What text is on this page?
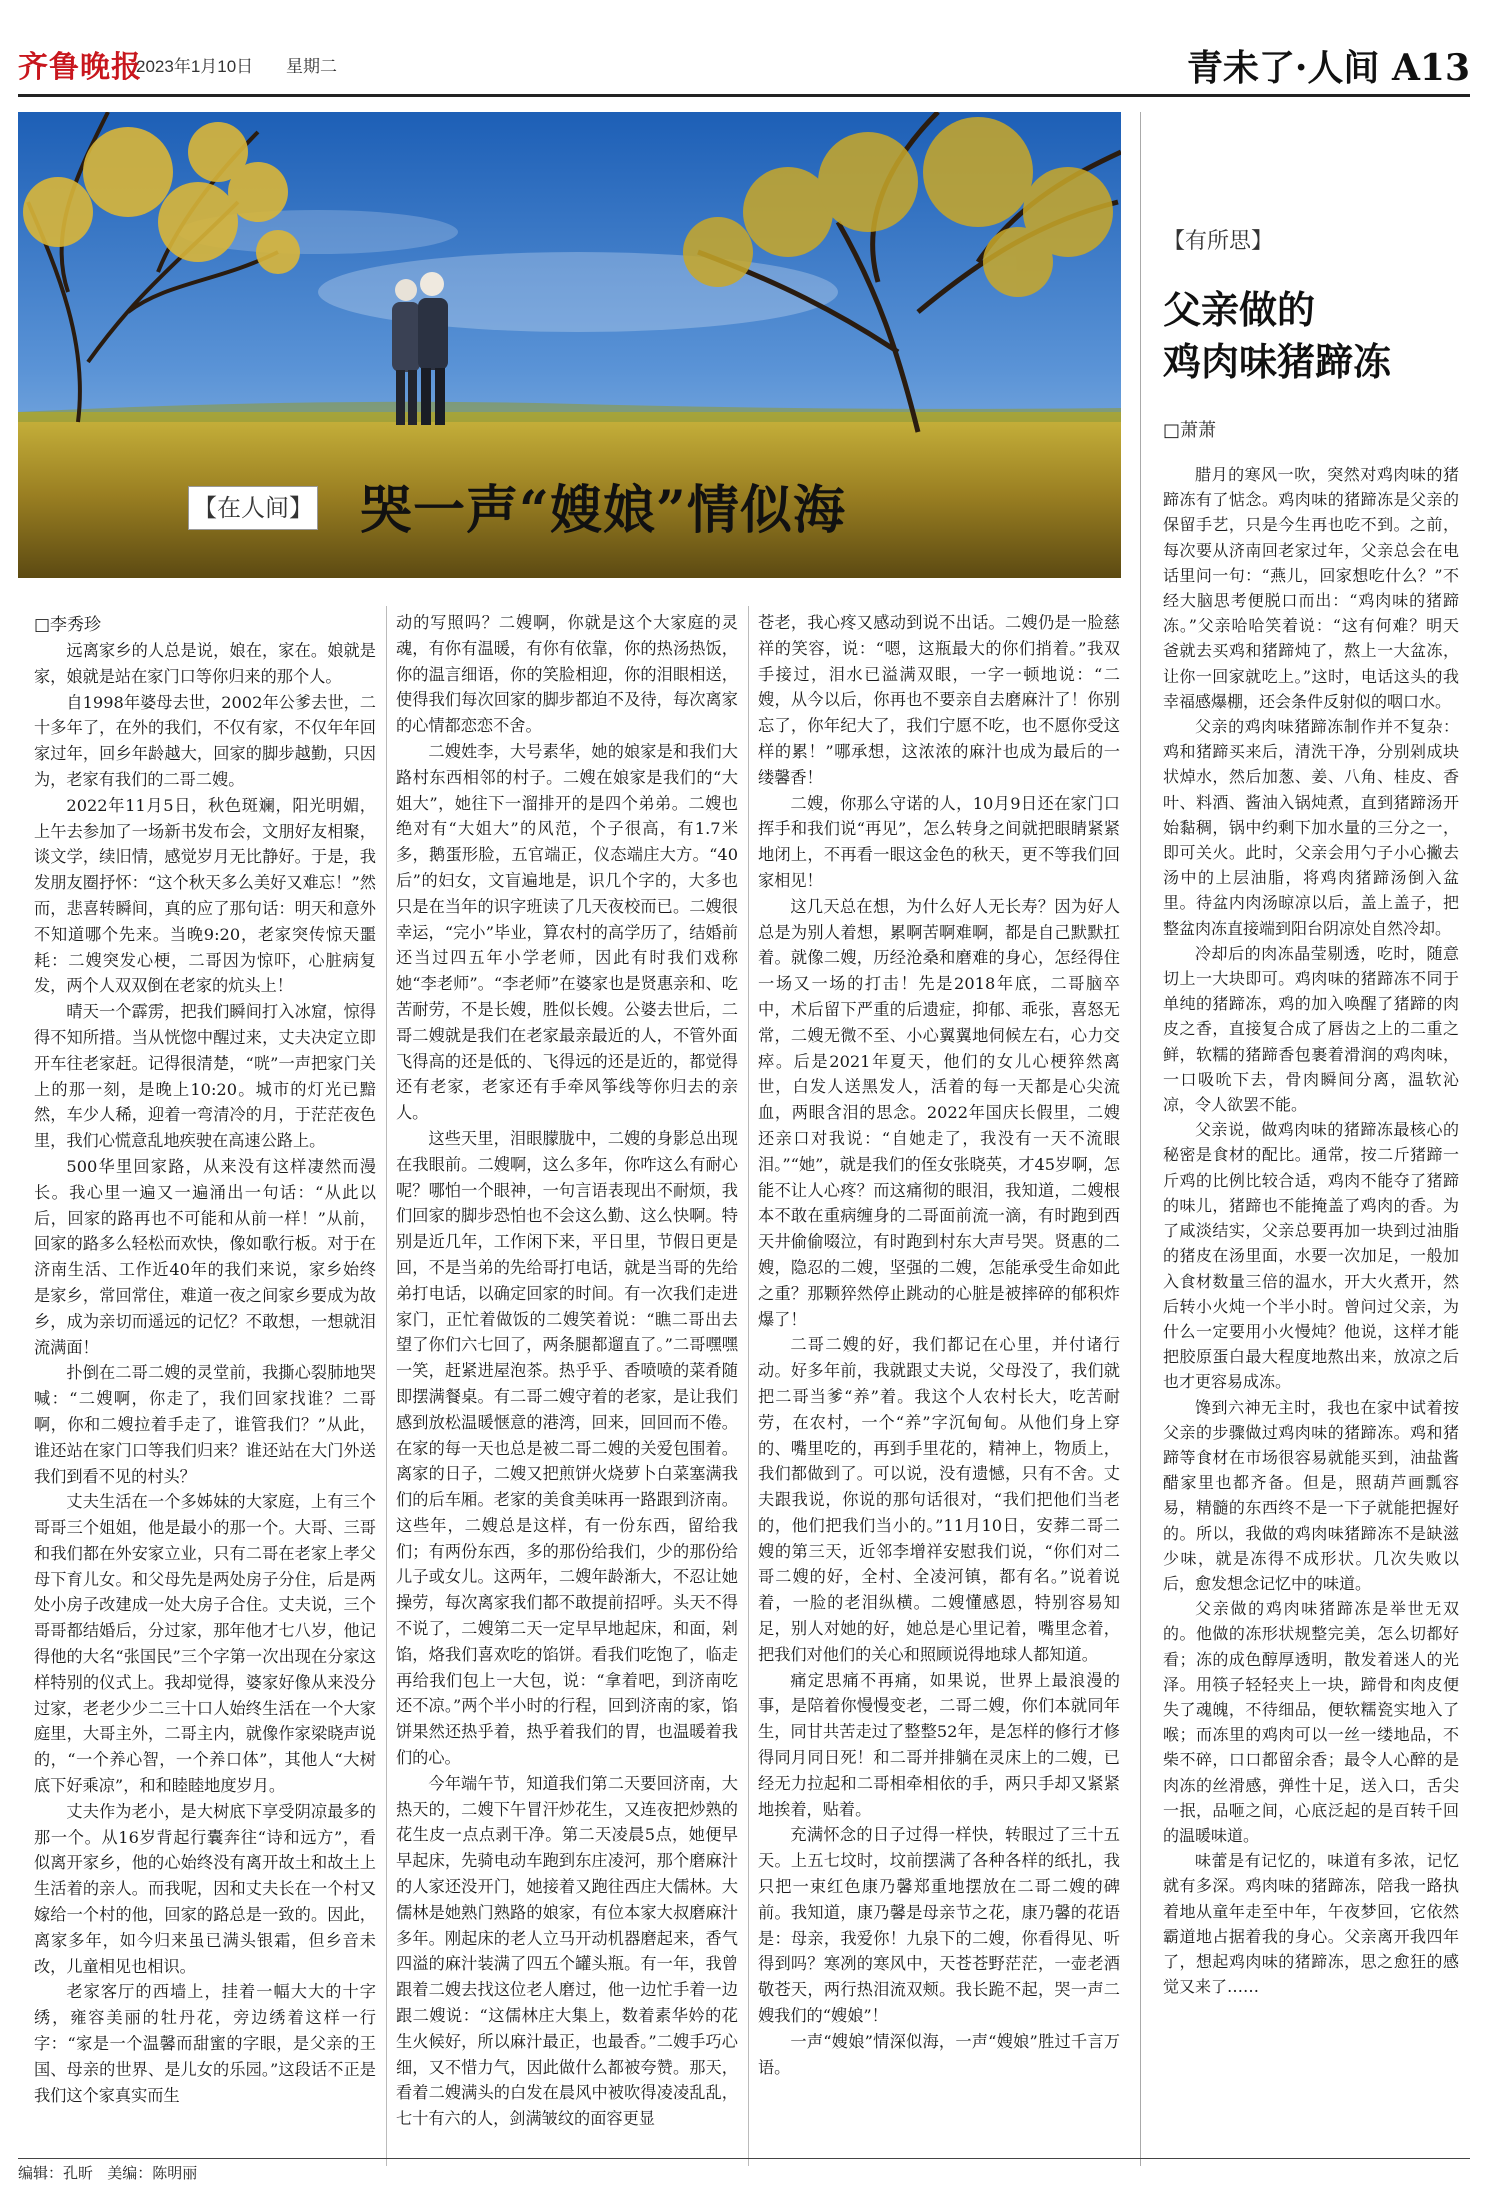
齐鲁晚报
2023年1月10日 星期二	青未了·人间 A13
【在人间】 哭一声“嫂娘”情似海
□李秀珍

远离家乡的人总是说，娘在，家在。娘就是家，娘就是站在家门口等你归来的那个人。

自1998年婆母去世，2002年公爹去世，二十多年了，在外的我们，不仅有家，不仅年年回家过年，回乡年龄越大，回家的脚步越勤，只因为，老家有我们的二哥二嫂。

2022年11月5日，秋色斑斓，阳光明媚，上午去参加了一场新书发布会，文朋好友相聚，谈文学，续旧情，感觉岁月无比静好。于是，我发朋友圈抒怀：“这个秋天多么美好又难忘！”然而，悲喜转瞬间，真的应了那句话：明天和意外不知道哪个先来。当晚9:20，老家突传惊天噩耗：二嫂突发心梗，二哥因为惊吓，心脏病复发，两个人双双倒在老家的炕头上！

晴天一个霹雳，把我们瞬间打入冰窟，惊得得不知所措。当从恍惚中醒过来，丈夫决定立即开车往老家赶。记得很清楚，“咣”一声把家门关上的那一刻，是晚上10:20。城市的灯光已黯然，车少人稀，迎着一弯清冷的月，于茫茫夜色里，我们心慌意乱地疾驶在高速公路上。

500华里回家路，从来没有这样凄然而漫长。我心里一遍又一遍涌出一句话：“从此以后，回家的路再也不可能和从前一样！”从前，回家的路多么轻松而欢快，像如歌行板。对于在济南生活、工作近40年的我们来说，家乡始终是家乡，常回常住，难道一夜之间家乡要成为故乡，成为亲切而遥远的记忆？不敢想，一想就泪流满面！

扑倒在二哥二嫂的灵堂前，我撕心裂肺地哭喊：“二嫂啊，你走了，我们回家找谁？二哥啊，你和二嫂拉着手走了，谁管我们？”从此，谁还站在家门口等我们归来？谁还站在大门外送我们到看不见的村头？

丈夫生活在一个多姊妹的大家庭，上有三个哥哥三个姐姐，他是最小的那一个。大哥、三哥和我们都在外安家立业，只有二哥在老家上孝父母下育儿女。和父母先是两处房子分住，后是两处小房子改建成一处大房子合住。丈夫说，三个哥哥都结婚后，分过家，那年他才七八岁，他记得他的大名“张国民”三个字第一次出现在分家这样特别的仪式上。我却觉得，婆家好像从来没分过家，老老少少二三十口人始终生活在一个大家庭里，大哥主外，二哥主内，就像作家梁晓声说的，“一个养心智，一个养口体”，其他人“大树底下好乘凉”，和和睦睦地度岁月。

丈夫作为老小，是大树底下享受阴凉最多的那一个。从16岁背起行囊奔往“诗和远方”，看似离开家乡，他的心始终没有离开故土和故土上生活着的亲人。而我呢，因和丈夫长在一个村又嫁给一个村的他，回家的路总是一致的。因此，离家多年，如今归来虽已满头银霜，但乡音未改，儿童相见也相识。

老家客厅的西墙上，挂着一幅大大的十字绣，雍容美丽的牡丹花，旁边绣着这样一行字：“家是一个温馨而甜蜜的字眼，是父亲的王国、母亲的世界、是儿女的乐园。”这段话不正是我们这个家真实而生

动的写照吗？二嫂啊，你就是这个大家庭的灵魂，有你有温暖，有你有依靠，你的热汤热饭，你的温言细语，你的笑脸相迎，你的泪眼相送，使得我们每次回家的脚步都迫不及待，每次离家的心情都恋恋不舍。

二嫂姓李，大号素华，她的娘家是和我们大路村东西相邻的村子。二嫂在娘家是我们的“大姐大”，她往下一溜排开的是四个弟弟。二嫂也绝对有“大姐大”的风范，个子很高，有1.7米多，鹅蛋形脸，五官端正，仪态端庄大方。“40后”的妇女，文盲遍地是，识几个字的，大多也只是在当年的识字班读了几天夜校而已。二嫂很幸运，“完小”毕业，算农村的高学历了，结婚前还当过四五年小学老师，因此有时我们戏称她“李老师”。“李老师”在婆家也是贤惠亲和、吃苦耐劳，不是长嫂，胜似长嫂。公婆去世后，二哥二嫂就是我们在老家最亲最近的人，不管外面飞得高的还是低的、飞得远的还是近的，都觉得还有老家，老家还有手牵风筝线等你归去的亲人。

这些天里，泪眼朦胧中，二嫂的身影总出现在我眼前。二嫂啊，这么多年，你咋这么有耐心呢？哪怕一个眼神，一句言语表现出不耐烦，我们回家的脚步恐怕也不会这么勤、这么快啊。特别是近几年，工作闲下来，平日里，节假日更是回，不是当弟的先给哥打电话，就是当哥的先给弟打电话，以确定回家的时间。有一次我们走进家门，正忙着做饭的二嫂笑着说：“瞧二哥出去望了你们六七回了，两条腿都遛直了。”二哥嘿嘿一笑，赶紧进屋泡茶。热乎乎、香喷喷的菜肴随即摆满餐桌。有二哥二嫂守着的老家，是让我们感到放松温暖惬意的港湾，回来，回回而不倦。在家的每一天也总是被二哥二嫂的关爱包围着。离家的日子，二嫂又把煎饼火烧萝卜白菜塞满我们的后车厢。老家的美食美味再一路跟到济南。这些年，二嫂总是这样，有一份东西，留给我们；有两份东西，多的那份给我们，少的那份给儿子或女儿。这两年，二嫂年龄渐大，不忍让她操劳，每次离家我们都不敢提前招呼。头天不得不说了，二嫂第二天一定早早地起床，和面，剁馅，烙我们喜欢吃的馅饼。看我们吃饱了，临走再给我们包上一大包，说：“拿着吧，到济南吃还不凉。”两个半小时的行程，回到济南的家，馅饼果然还热乎着，热乎着我们的胃，也温暖着我们的心。

今年端午节，知道我们第二天要回济南，大热天的，二嫂下午冒汗炒花生，又连夜把炒熟的花生皮一点点剥干净。第二天凌晨5点，她便早早起床，先骑电动车跑到东庄凌河，那个磨麻汁的人家还没开门，她接着又跑往西庄大儒林。大儒林是她熟门熟路的娘家，有位本家大叔磨麻汁多年。刚起床的老人立马开动机器磨起来，香气四溢的麻汁装满了四五个罐头瓶。有一年，我曾跟着二嫂去找这位老人磨过，他一边忙手着一边跟二嫂说：“这儒林庄大集上，数着素华妗的花生火候好，所以麻汁最正，也最香。”二嫂手巧心细，又不惜力气，因此做什么都被夸赞。那天，看着二嫂满头的白发在晨风中被吹得凌凌乱乱，七十有六的人，剑满皱纹的面容更显

苍老，我心疼又感动到说不出话。二嫂仍是一脸慈祥的笑容，说：“嗯，这瓶最大的你们捎着。”我双手接过，泪水已溢满双眼，一字一顿地说：“二嫂，从今以后，你再也不要亲自去磨麻汁了！你别忘了，你年纪大了，我们宁愿不吃，也不愿你受这样的累！”哪承想，这浓浓的麻汁也成为最后的一缕馨香！

二嫂，你那么守诺的人，10月9日还在家门口挥手和我们说“再见”，怎么转身之间就把眼睛紧紧地闭上，不再看一眼这金色的秋天，更不等我们回家相见！

这几天总在想，为什么好人无长寿？因为好人总是为别人着想，累啊苦啊难啊，都是自己默默扛着。就像二嫂，历经沧桑和磨难的身心，怎经得住一场又一场的打击！先是2018年底，二哥脑卒中，术后留下严重的后遗症，抑郁、乖张，喜怒无常，二嫂无微不至、小心翼翼地伺候左右，心力交瘁。后是2021年夏天，他们的女儿心梗猝然离世，白发人送黑发人，活着的每一天都是心尖流血，两眼含泪的思念。2022年国庆长假里，二嫂还亲口对我说：“自她走了，我没有一天不流眼泪。”“她”，就是我们的侄女张晓英，才45岁啊，怎能不让人心疼？而这痛彻的眼泪，我知道，二嫂根本不敢在重病缠身的二哥面前流一滴，有时跑到西天井偷偷啜泣，有时跑到村东大声号哭。贤惠的二嫂，隐忍的二嫂，坚强的二嫂，怎能承受生命如此之重？那颗猝然停止跳动的心脏是被摔碎的郁积炸爆了！

二哥二嫂的好，我们都记在心里，并付诸行动。好多年前，我就跟丈夫说，父母没了，我们就把二哥当爹“养”着。我这个人农村长大，吃苦耐劳，在农村，一个“养”字沉甸甸。从他们身上穿的、嘴里吃的，再到手里花的，精神上，物质上，我们都做到了。可以说，没有遗憾，只有不舍。丈夫跟我说，你说的那句话很对，“我们把他们当老的，他们把我们当小的。”11月10日，安葬二哥二嫂的第三天，近邻李增祥安慰我们说，“你们对二哥二嫂的好，全村、全凌河镇，都有名。”说着说着，一脸的老泪纵横。二嫂懂感恩，特别容易知足，别人对她的好，她总是心里记着，嘴里念着，把我们对他们的关心和照顾说得地球人都知道。

痛定思痛不再痛，如果说，世界上最浪漫的事，是陪着你慢慢变老，二哥二嫂，你们本就同年生，同甘共苦走过了整整52年，是怎样的修行才修得同月同日死！和二哥并排躺在灵床上的二嫂，已经无力拉起和二哥相牵相依的手，两只手却又紧紧地挨着，贴着。

充满怀念的日子过得一样快，转眼过了三十五天。上五七坟时，坟前摆满了各种各样的纸扎，我只把一束红色康乃馨郑重地摆放在二哥二嫂的碑前。我知道，康乃馨是母亲节之花，康乃馨的花语是：母亲，我爱你！九泉下的二嫂，你看得见、听得到吗？寒冽的寒风中，天苍苍野茫茫，一壶老酒敬苍天，两行热泪流双颊。我长跪不起，哭一声二嫂我们的“嫂娘”！

一声“嫂娘”情深似海，一声“嫂娘”胜过千言万语。

【有所思】
父亲做的
鸡肉味猪蹄冻
□萧萧

腊月的寒风一吹，突然对鸡肉味的猪蹄冻有了惦念。鸡肉味的猪蹄冻是父亲的保留手艺，只是今生再也吃不到。之前，每次要从济南回老家过年，父亲总会在电话里问一句：“燕儿，回家想吃什么？”不经大脑思考便脱口而出：“鸡肉味的猪蹄冻。”父亲哈哈笑着说：“这有何难？明天爸就去买鸡和猪蹄炖了，熬上一大盆冻，让你一回家就吃上。”这时，电话这头的我幸福感爆棚，还会条件反射似的咽口水。

父亲的鸡肉味猪蹄冻制作并不复杂：鸡和猪蹄买来后，清洗干净，分别剁成块状焯水，然后加葱、姜、八角、桂皮、香叶、料酒、酱油入锅炖煮，直到猪蹄汤开始黏稠，锅中约剩下加水量的三分之一，即可关火。此时，父亲会用勺子小心撇去汤中的上层油脂，将鸡肉猪蹄汤倒入盆里。待盆内肉汤晾凉以后，盖上盖子，把整盆肉冻直接端到阳台阴凉处自然冷却。

冷却后的肉冻晶莹剔透，吃时，随意切上一大块即可。鸡肉味的猪蹄冻不同于单纯的猪蹄冻，鸡的加入唤醒了猪蹄的肉皮之香，直接复合成了唇齿之上的二重之鲜，软糯的猪蹄香包裹着滑润的鸡肉味，一口吸吮下去，骨肉瞬间分离，温软沁凉，令人欲罢不能。

父亲说，做鸡肉味的猪蹄冻最核心的秘密是食材的配比。通常，按二斤猪蹄一斤鸡的比例比较合适，鸡肉不能夺了猪蹄的味儿，猪蹄也不能掩盖了鸡肉的香。为了咸淡结实，父亲总要再加一块到过油脂的猪皮在汤里面，水要一次加足，一般加入食材数量三倍的温水，开大火煮开，然后转小火炖一个半小时。曾问过父亲，为什么一定要用小火慢炖？他说，这样才能把胶原蛋白最大程度地熬出来，放凉之后也才更容易成冻。

馋到六神无主时，我也在家中试着按父亲的步骤做过鸡肉味的猪蹄冻。鸡和猪蹄等食材在市场很容易就能买到，油盐酱醋家里也都齐备。但是，照葫芦画瓢容易，精髓的东西终不是一下子就能把握好的。所以，我做的鸡肉味猪蹄冻不是缺滋少味，就是冻得不成形状。几次失败以后，愈发想念记忆中的味道。

父亲做的鸡肉味猪蹄冻是举世无双的。他做的冻形状规整完美，怎么切都好看；冻的成色醇厚透明，散发着迷人的光泽。用筷子轻轻夹上一块，蹄骨和肉皮便失了魂魄，不待细品，便软糯瓷实地入了喉；而冻里的鸡肉可以一丝一缕地品，不柴不碎，口口都留余香；最令人心醉的是肉冻的丝滑感，弹性十足，送入口，舌尖一抿，品咂之间，心底泛起的是百转千回的温暖味道。

味蕾是有记忆的，味道有多浓，记忆就有多深。鸡肉味的猪蹄冻，陪我一路执着地从童年走至中年，午夜梦回，它依然霸道地占据着我的身心。父亲离开我四年了，想起鸡肉味的猪蹄冻，思之愈狂的感觉又来了……

编辑：孔昕 美编：陈明丽
